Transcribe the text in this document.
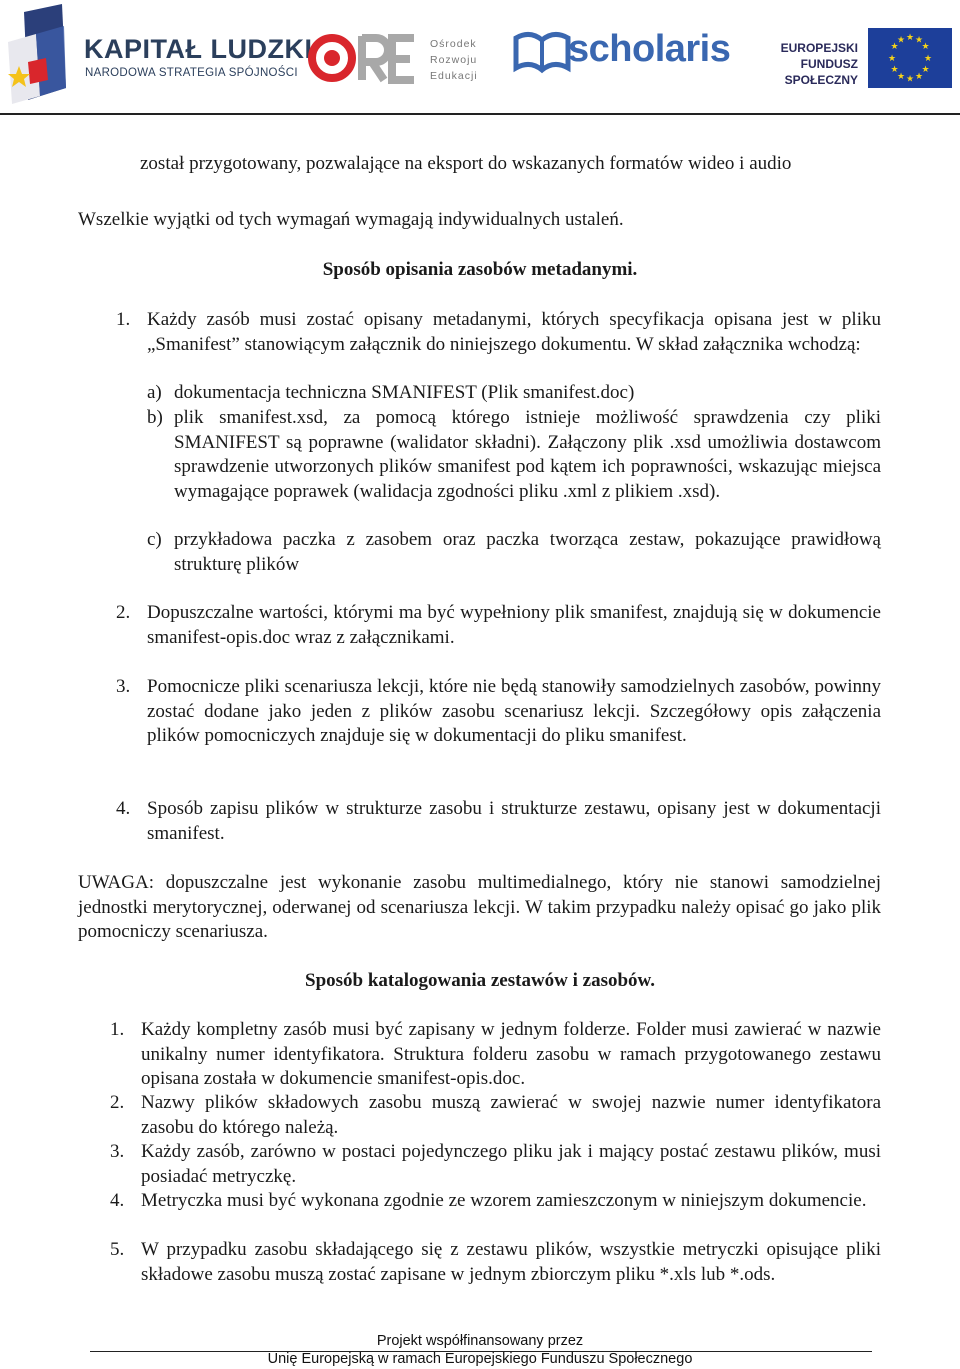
KAPITAŁ LUDZKI
NARODOWA STRATEGIA SPÓJNOŚCI
Ośrodek
Rozwoju
Edukacji
scholaris	EUROPEJSKI
FUNDUSZ SPOŁECZNY
★ ★
★
★
★
★
★
★
★
★
★
★

został przygotowany, pozwalające na eksport do wskazanych formatów wideo i audio

Wszelkie wyjątki od tych wymagań wymagają indywidualnych ustaleń.

Sposób opisania zasobów metadanymi.

1. Każdy zasób musi zostać opisany metadanymi, których specyfikacja opisana jest w pliku „Smanifest” stanowiącym załącznik do niniejszego dokumentu. W skład załącznika wchodzą:

a) dokumentacja techniczna SMANIFEST (Plik smanifest.doc)

b) plik smanifest.xsd, za pomocą którego istnieje możliwość sprawdzenia czy pliki SMANIFEST są poprawne (walidator składni). Załączony plik .xsd umożliwia dostawcom sprawdzenie utworzonych plików smanifest pod kątem ich poprawności, wskazując miejsca wymagające poprawek (walidacja zgodności pliku .xml z plikiem .xsd).

c) przykładowa paczka z zasobem oraz paczka tworząca zestaw, pokazujące prawidłową strukturę plików

2. Dopuszczalne wartości, którymi ma być wypełniony plik smanifest, znajdują się w dokumencie smanifest-opis.doc wraz z załącznikami.

3. Pomocnicze pliki scenariusza lekcji, które nie będą stanowiły samodzielnych zasobów, powinny zostać dodane jako jeden z plików zasobu scenariusz lekcji. Szczegółowy opis załączenia plików pomocniczych znajduje się w dokumentacji do pliku smanifest.

4. Sposób zapisu plików w strukturze zasobu i strukturze zestawu, opisany jest w dokumentacji smanifest.

UWAGA: dopuszczalne jest wykonanie zasobu multimedialnego, który nie stanowi samodzielnej jednostki merytorycznej, oderwanej od scenariusza lekcji. W takim przypadku należy opisać go jako plik pomocniczy scenariusza.

Sposób katalogowania zestawów i zasobów.

1. Każdy kompletny zasób musi być zapisany w jednym folderze. Folder musi zawierać w nazwie unikalny numer identyfikatora. Struktura folderu zasobu w ramach przygotowanego zestawu opisana została w dokumencie smanifest-opis.doc.

2. Nazwy plików składowych zasobu muszą zawierać w swojej nazwie numer identyfikatora zasobu do którego należą.

3. Każdy zasób, zarówno w postaci pojedynczego pliku jak i mający postać zestawu plików, musi posiadać metryczkę.

4. Metryczka musi być wykonana zgodnie ze wzorem zamieszczonym w niniejszym dokumencie.

5. W przypadku zasobu składającego się z zestawu plików, wszystkie metryczki opisujące pliki składowe zasobu muszą zostać zapisane w jednym zbiorczym pliku *.xls lub *.ods.

Projekt współfinansowany przez
Unię Europejską w ramach Europejskiego Funduszu Społecznego
